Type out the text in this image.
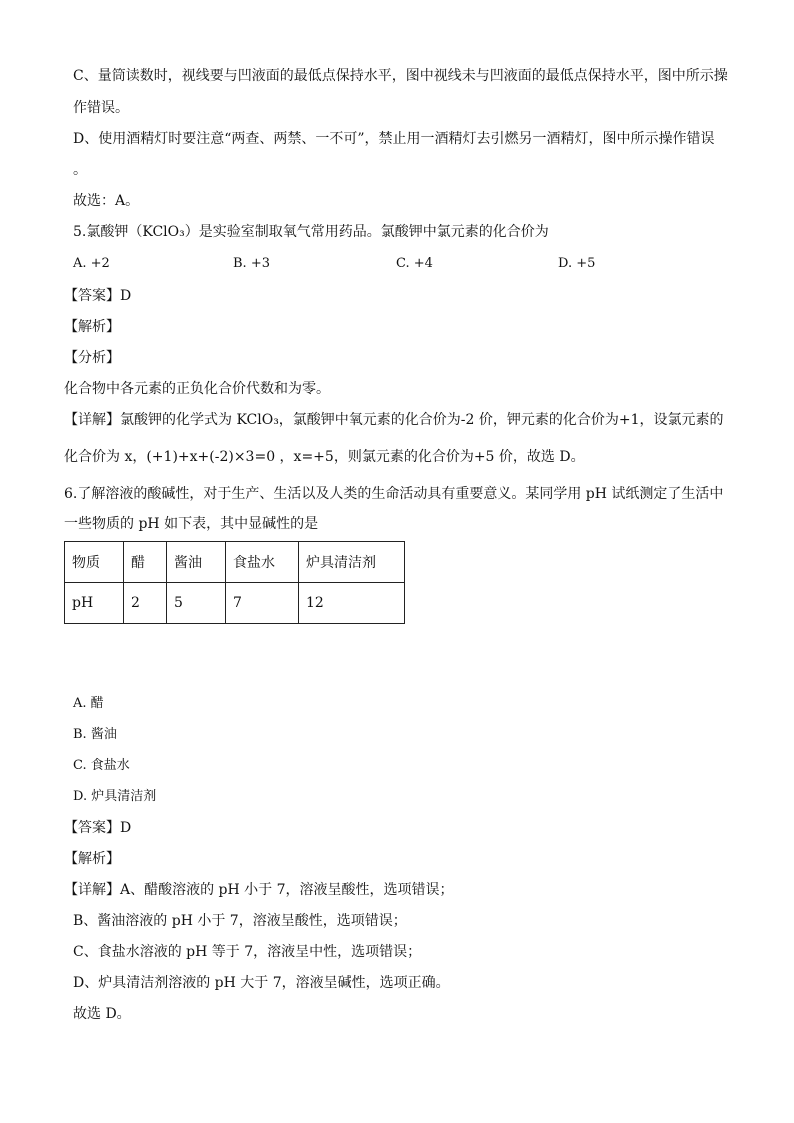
C、量筒读数时，视线要与凹液面的最低点保持水平，图中视线未与凹液面的最低点保持水平，图中所示操
作错误。
D、使用酒精灯时要注意“两查、两禁、一不可”，禁止用一酒精灯去引燃另一酒精灯，图中所示操作错误
。
故选：A。
5.氯酸钾（KClO₃）是实验室制取氧气常用药品。氯酸钾中氯元素的化合价为
A. +2	B. +3	C. +4	D. +5
【答案】D
【解析】
【分析】
化合物中各元素的正负化合价代数和为零。
【详解】氯酸钾的化学式为 KClO₃，氯酸钾中氧元素的化合价为-2 价，钾元素的化合价为+1，设氯元素的
化合价为 x，(+1)+x+(-2)×3=0 ，x=+5，则氯元素的化合价为+5 价，故选 D。
6.了解溶液的酸碱性，对于生产、生活以及人类的生命活动具有重要意义。某同学用 pH 试纸测定了生活中
一些物质的 pH 如下表，其中显碱性的是
物质	醋	酱油	食盐水	炉具清洁剂
pH	2	5	7	12
A. 醋
B. 酱油
C. 食盐水
D. 炉具清洁剂
【答案】D
【解析】
【详解】A、醋酸溶液的 pH 小于 7，溶液呈酸性，选项错误；
B、酱油溶液的 pH 小于 7，溶液呈酸性，选项错误；
C、食盐水溶液的 pH 等于 7，溶液呈中性，选项错误；
D、炉具清洁剂溶液的 pH 大于 7，溶液呈碱性，选项正确。
故选 D。
